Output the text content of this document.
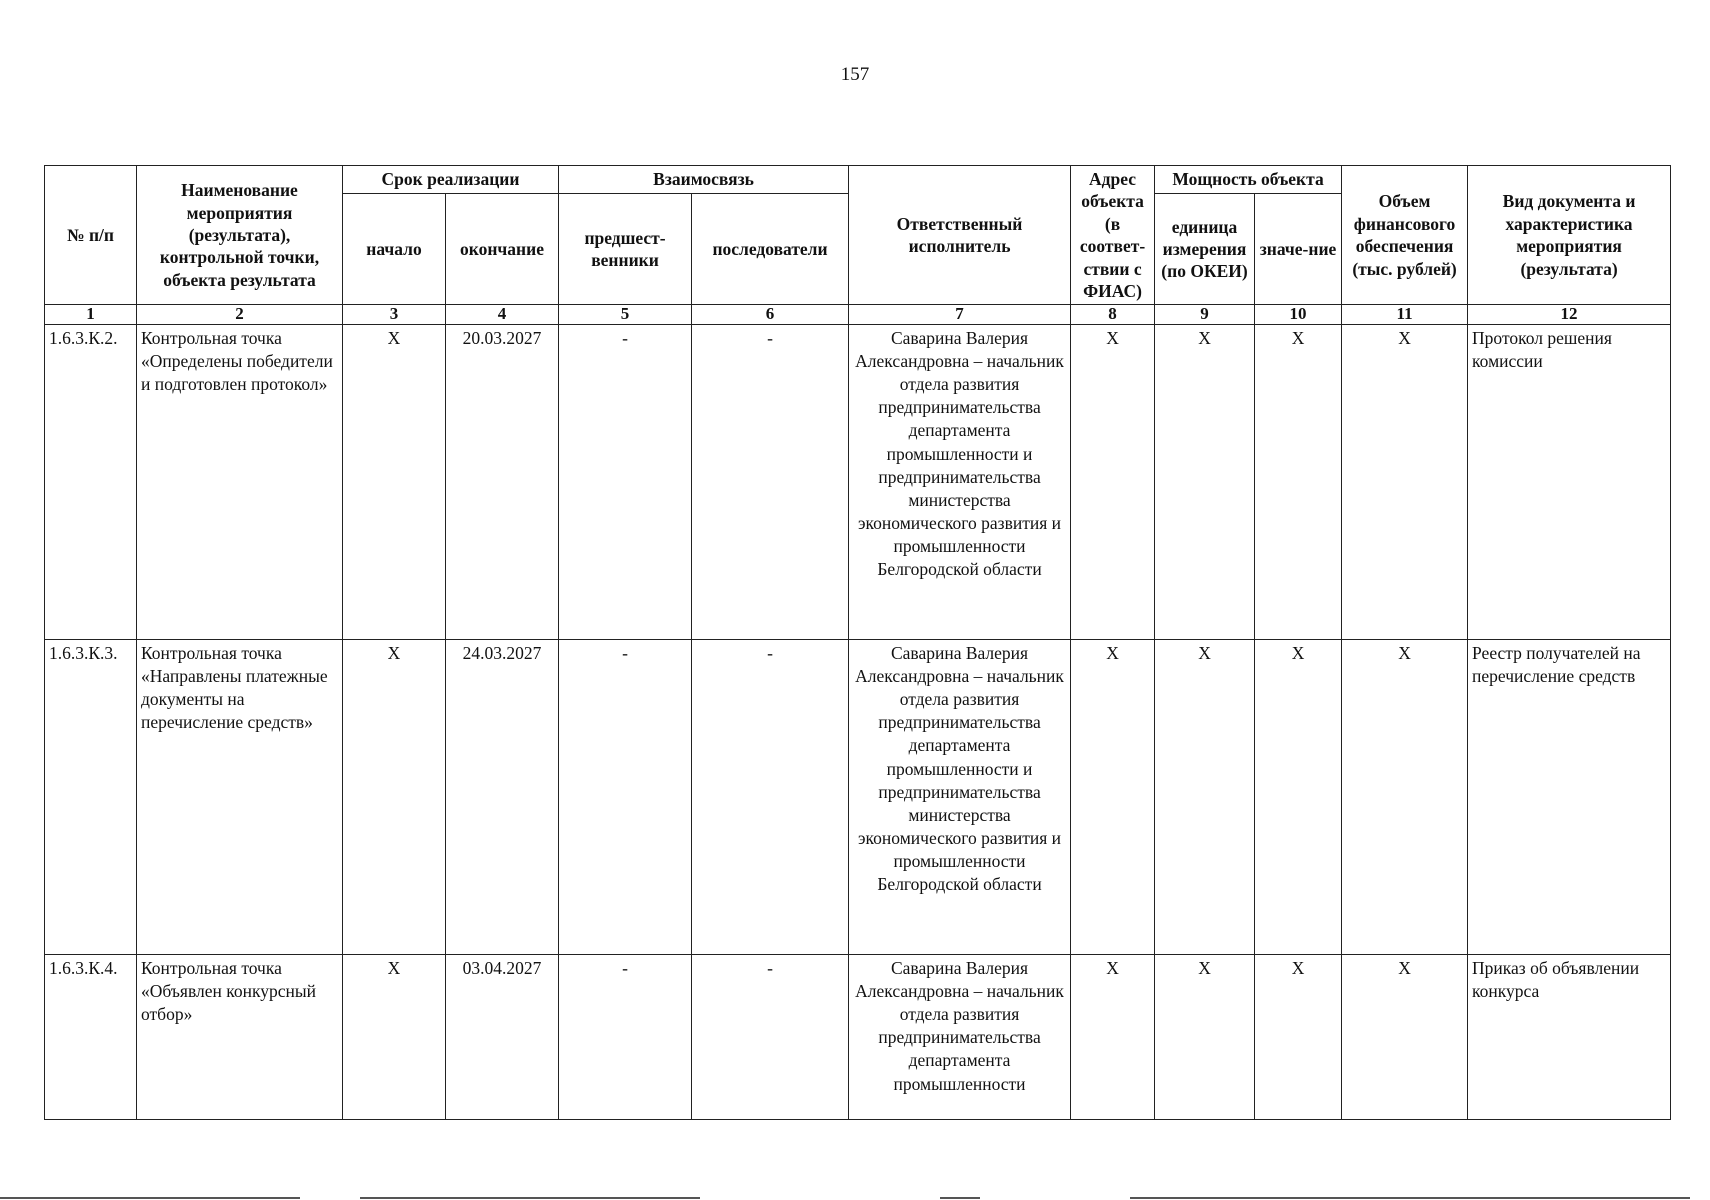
157
№ п/п	Наименование мероприятия (результата), контрольной точки, объекта результата	Срок реализации		Взаимосвязь		Ответственный исполнитель	Адрес объекта (в соответ-ствии с ФИАС)	Мощность объекта		Объем финансового обеспечения (тыс. рублей)	Вид документа и характеристика мероприятия (результата)
		начало	окончание	предшест-венники	последователи			единица измерения (по ОКЕИ)	значе-ние		
1	2	3	4	5	6	7	8	9	10	11	12
1.6.3.К.2.	Контрольная точка «Определены победители и подготовлен протокол»	Х	20.03.2027	-	-	Саварина Валерия Александровна – начальник отдела развития предпринимательства департамента промышленности и предпринимательства министерства экономического развития и промышленности Белгородской области	Х	Х	Х	Х	Протокол решения комиссии
1.6.3.К.3.	Контрольная точка «Направлены платежные документы на перечисление средств»	Х	24.03.2027	-	-	Саварина Валерия Александровна – начальник отдела развития предпринимательства департамента промышленности и предпринимательства министерства экономического развития и промышленности Белгородской области	Х	Х	Х	Х	Реестр получателей на перечисление средств
1.6.3.К.4.	Контрольная точка «Объявлен конкурсный отбор»	Х	03.04.2027	-	-	Саварина Валерия Александровна – начальник отдела развития предпринимательства департамента промышленности	Х	Х	Х	Х	Приказ об объявлении конкурса
